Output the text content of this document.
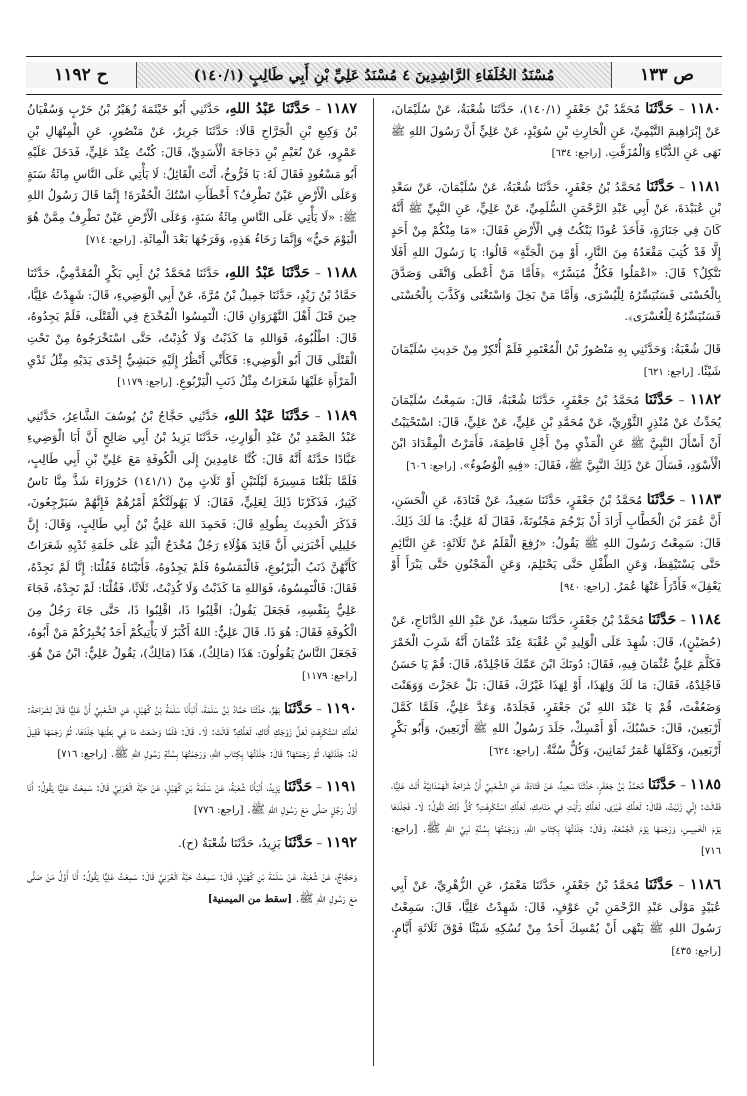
ص ١٣٣
مُسْنَدُ الخُلَفَاءِ الرَّاشِدِينَ ٤ مُسْنَدُ عَلِيِّ بْنِ أَبِي طَالِبٍ (١٤٠/١)
ح ١١٩٢

١١٨٠ – حَدَّثَنَا مُحَمَّدُ بْنُ جَعْفَرٍ (١٤٠/١)، حَدَّثَنَا شُعْبَةُ، عَنْ سُلَيْمَانَ، عَنْ إِبْرَاهِيمَ التَّيْمِيِّ، عَنِ الْحَارِثِ بْنِ سُوَيْدٍ، عَنْ عَلِيٍّ أَنَّ رَسُولَ اللهِ ﷺ نَهَى عَنِ الدُّبَّاءِ وَالْمُزَفَّتِ. [راجع: ٦٣٤]

١١٨١ – حَدَّثَنَا مُحَمَّدُ بْنُ جَعْفَرٍ، حَدَّثَنَا شُعْبَةُ، عَنْ سُلَيْمَانَ، عَنْ سَعْدِ بْنِ عُبَيْدَةَ، عَنْ أَبِي عَبْدِ الرَّحْمَنِ السُّلَمِيِّ، عَنْ عَلِيٍّ، عَنِ النَّبِيِّ ﷺ أَنَّهُ كَانَ فِي جَنَازَةٍ، فَأَخَذَ عُودًا يَنْكُتُ فِي الْأَرْضِ فَقَالَ: «مَا مِنْكُمْ مِنْ أَحَدٍ إِلَّا قَدْ كُتِبَ مَقْعَدُهُ مِنَ النَّارِ، أَوْ مِنَ الْجَنَّةِ» قَالُوا: يَا رَسُولَ اللهِ أَفَلَا نَتَّكِلُ؟ قَالَ: «اعْمَلُوا فَكُلٌّ مُيَسَّرٌ» ﴿فَأَمَّا مَنْ أَعْطَى وَاتَّقَى وَصَدَّقَ بِالْحُسْنَى فَسَنُيَسِّرُهُ لِلْيُسْرَى، وَأَمَّا مَنْ بَخِلَ وَاسْتَغْنَى وَكَذَّبَ بِالْحُسْنَى فَسَنُيَسِّرُهُ لِلْعُسْرَى﴾.

قَالَ شُعْبَةُ: وَحَدَّثَنِي بِهِ مَنْصُورُ بْنُ الْمُعْتَمِرِ فَلَمْ أُنْكِرْ مِنْ حَدِيثِ سُلَيْمَانَ شَيْئًا. [راجع: ٦٢١]

١١٨٢ – حَدَّثَنَا مُحَمَّدُ بْنُ جَعْفَرٍ، حَدَّثَنَا شُعْبَةُ، قَالَ: سَمِعْتُ سُلَيْمَانَ يُحَدِّثُ عَنْ مُنْذِرٍ الثَّوْرِيِّ، عَنْ مُحَمَّدِ بْنِ عَلِيٍّ، عَنْ عَلِيٍّ، قَالَ: اسْتَحْيَيْتُ أَنْ أَسْأَلَ النَّبِيَّ ﷺ عَنِ الْمَذْيِ مِنْ أَجْلِ فَاطِمَةَ، فَأَمَرْتُ الْمِقْدَادَ ابْنَ الْأَسْوَدِ، فَسَأَلَ عَنْ ذَلِكَ النَّبِيَّ ﷺ، فَقَالَ: «فِيهِ الْوُضُوءُ». [راجع: ٦٠٦]

١١٨٣ – حَدَّثَنَا مُحَمَّدُ بْنُ جَعْفَرٍ، حَدَّثَنَا سَعِيدٌ، عَنْ قَتَادَةَ، عَنِ الْحَسَنِ، أَنَّ عُمَرَ بْنَ الْخَطَّابِ أَرَادَ أَنْ يَرْجُمَ مَجْنُونَةً، فَقَالَ لَهُ عَلِيٌّ: مَا لَكَ ذَلِكَ. قَالَ: سَمِعْتُ رَسُولَ اللهِ ﷺ يَقُولُ: «رُفِعَ الْقَلَمُ عَنْ ثَلَاثَةٍ: عَنِ النَّائِمِ حَتَّى يَسْتَيْقِظَ، وَعَنِ الطِّفْلِ حَتَّى يَحْتَلِمَ، وَعَنِ الْمَجْنُونِ حَتَّى يَبْرَأَ أَوْ يَعْقِلَ» فَأَدْرَأَ عَنْهَا عُمَرُ. [راجع: ٩٤٠]

١١٨٤ – حَدَّثَنَا مُحَمَّدُ بْنُ جَعْفَرٍ، حَدَّثَنَا سَعِيدٌ، عَنْ عَبْدِ اللهِ الدَّانَاجِ، عَنْ (حُضَيْنٍ)، قَالَ: شُهِدَ عَلَى الْوَلِيدِ بْنِ عُقْبَةَ عِنْدَ عُثْمَانَ أَنَّهُ شَرِبَ الْخَمْرَ فَكَلَّمَ عَلِيٌّ عُثْمَانَ فِيهِ، فَقَالَ: دُونَكَ ابْنَ عَمِّكَ فَاجْلِدْهُ، قَالَ: قُمْ يَا حَسَنُ فَاجْلِدْهُ، فَقَالَ: مَا لَكَ وَلِهَذَا، أَوْ لِهَذَا غَيْرُكَ، فَقَالَ: بَلْ عَجَزْتَ وَوَهَنْتَ وَضَعُفْتَ، قُمْ يَا عَبْدَ اللهِ بْنَ جَعْفَرٍ، فَجَلَدَهُ، وَعَدَّ عَلِيٌّ، فَلَمَّا كَمَّلَ أَرْبَعِينَ، قَالَ: حَسْبُكَ، أَوْ أَمْسِكْ، جَلَدَ رَسُولُ اللهِ ﷺ أَرْبَعِينَ، وَأَبُو بَكْرٍ أَرْبَعِينَ، وَكَمَّلَهَا عُمَرُ ثَمَانِينَ، وَكُلٌّ سُنَّةٌ. [راجع: ٦٢٤]

١١٨٥ – حَدَّثَنَا مُحَمَّدُ بْنُ جَعْفَرٍ، حَدَّثَنَا سَعِيدٌ، عَنْ قَتَادَةَ، عَنِ الشَّعْبِيِّ أَنَّ شَرَاحَةَ الْهَمْدَانِيَّةَ أَتَتْ عَلِيًّا، فَقَالَتْ: إِنِّي زَنَيْتُ، فَقَالَ: لَعَلَّكِ غَيْرَى، لَعَلَّكِ رَأَيْتِ فِي مَنَامِكِ، لَعَلَّكِ اسْتُكْرِهْتِ؟ كُلُّ ذَلِكَ تَقُولُ: لَا. فَجَلَدَهَا يَوْمَ الْخَمِيسِ، وَرَجَمَهَا يَوْمَ الْجُمُعَةِ، وَقَالَ: جَلَدْتُهَا بِكِتَابِ اللهِ، وَرَجَمْتُهَا بِسُنَّةِ نَبِيِّ اللهِ ﷺ. [راجع: ٧١٦]

١١٨٦ – حَدَّثَنَا مُحَمَّدُ بْنُ جَعْفَرٍ، حَدَّثَنَا مَعْمَرٌ، عَنِ الزُّهْرِيِّ، عَنْ أَبِي عُبَيْدٍ مَوْلَى عَبْدِ الرَّحْمَنِ بْنِ عَوْفٍ، قَالَ: شَهِدْتُ عَلِيًّا، قَالَ: سَمِعْتُ رَسُولَ اللهِ ﷺ يَنْهَى أَنْ يُمْسِكَ أَحَدٌ مِنْ نُسُكِهِ شَيْئًا فَوْقَ ثَلَاثَةِ أَيَّامٍ. [راجع: ٤٣٥]

١١٨٧ – حَدَّثَنَا عَبْدُ اللهِ، حَدَّثَنِي أَبُو خَيْثَمَةَ زُهَيْرُ بْنُ حَرْبٍ وَسُفْيَانُ بْنُ وَكِيعِ بْنِ الْجَرَّاحِ قَالَا: حَدَّثَنَا جَرِيرٌ، عَنْ مَنْصُورٍ، عَنِ الْمِنْهَالِ بْنِ عَمْرٍو، عَنْ نُعَيْمِ بْنِ دَجَاجَةَ الْأَسَدِيِّ، قَالَ: كُنْتُ عِنْدَ عَلِيٍّ، فَدَخَلَ عَلَيْهِ أَبُو مَسْعُودٍ فَقَالَ لَهُ: يَا فَرُّوخُ، أَنْتَ الْقَائِلُ: لَا يَأْتِي عَلَى النَّاسِ مِائَةُ سَنَةٍ وَعَلَى الْأَرْضِ عَيْنٌ تَطْرِفُ؟ أَخْطَأَتِ اسْتُكَ الْحُفْرَةَ! إِنَّمَا قَالَ رَسُولُ اللهِ ﷺ: «لَا يَأْتِي عَلَى النَّاسِ مِائَةُ سَنَةٍ، وَعَلَى الْأَرْضِ عَيْنٌ تَطْرِفُ مِمَّنْ هُوَ الْيَوْمَ حَيٌّ» وَإِنَّمَا رَخَاءُ هَذِهِ، وَفَرَجُهَا بَعْدَ الْمِائَةِ. [راجع: ٧١٤]

١١٨٨ – حَدَّثَنَا عَبْدُ اللهِ، حَدَّثَنَا مُحَمَّدُ بْنُ أَبِي بَكْرٍ الْمُقَدَّمِيُّ، حَدَّثَنَا حَمَّادُ بْنُ زَيْدٍ، حَدَّثَنَا جَمِيلُ بْنُ مُرَّةَ، عَنْ أَبِي الْوَضِيءِ، قَالَ: شَهِدْتُ عَلِيًّا، حِينَ قَتَلَ أَهْلَ النَّهْرَوَانِ قَالَ: الْتَمِسُوا الْمُخْدَجَ فِي الْقَتْلَى، فَلَمْ يَجِدُوهُ، قَالَ: اطْلُبُوهُ، فَوَاللهِ مَا كَذَبْتُ وَلَا كُذِبْتُ، حَتَّى اسْتَخْرَجُوهُ مِنْ تَحْتِ الْقَتْلَى قَالَ أَبُو الْوَضِيءِ: فَكَأَنِّي أَنْظُرُ إِلَيْهِ حَبَشِيٌّ إِحْدَى يَدَيْهِ مِثْلُ ثَدْيِ الْمَرْأَةِ عَلَيْهَا شَعَرَاتٌ مِثْلُ ذَنَبِ الْيَرْبُوعِ. [راجع: ١١٧٩]

١١٨٩ – حَدَّثَنَا عَبْدُ اللهِ، حَدَّثَنِي حَجَّاجُ بْنُ يُوسُفَ الشَّاعِرُ، حَدَّثَنِي عَبْدُ الصَّمَدِ بْنُ عَبْدِ الْوَارِثِ، حَدَّثَنَا يَزِيدُ بْنُ أَبِي صَالِحٍ أَنَّ أَبَا الْوَضِيءِ عَبَّادًا حَدَّثَهُ أَنَّهُ قَالَ: كُنَّا عَامِدِينَ إِلَى الْكُوفَةِ مَعَ عَلِيِّ بْنِ أَبِي طَالِبٍ، فَلَمَّا بَلَغْنَا مَسِيرَةَ لَيْلَتَيْنِ أَوْ ثَلَاثٍ مِنْ (١٤١/١) حَرُورَاءَ شَذَّ مِنَّا نَاسٌ كَثِيرٌ، فَذَكَرْنَا ذَلِكَ لِعَلِيٍّ، فَقَالَ: لَا يَهُولَنَّكُمْ أَمْرُهُمْ فَإِنَّهُمْ سَيَرْجِعُونَ، فَذَكَرَ الْحَدِيثَ بِطُولِهِ قَالَ: فَحَمِدَ اللهَ عَلِيُّ بْنُ أَبِي طَالِبٍ، وَقَالَ: إِنَّ خَلِيلِي أَخْبَرَنِي أَنَّ قَائِدَ هَؤُلَاءِ رَجُلٌ مُخْدَجُ الْيَدِ عَلَى حَلَمَةِ ثَدْيِهِ شَعَرَاتٌ كَأَنَّهُنَّ ذَنَبُ الْيَرْبُوعِ، فَالْتَمَسُوهُ فَلَمْ يَجِدُوهُ، فَأَتَيْنَاهُ فَقُلْنَا: إِنَّا لَمْ نَجِدْهُ، فَقَالَ: فَالْتَمِسُوهُ، فَوَاللهِ مَا كَذَبْتُ وَلَا كُذِبْتُ، ثَلَاثًا، فَقُلْنَا: لَمْ نَجِدْهُ، فَجَاءَ عَلِيٌّ بِنَفْسِهِ، فَجَعَلَ يَقُولُ: اقْلِبُوا ذَا، اقْلِبُوا ذَا، حَتَّى جَاءَ رَجُلٌ مِنَ الْكُوفَةِ فَقَالَ: هُوَ ذَا. قَالَ عَلِيٌّ: اللهُ أَكْبَرُ لَا يَأْتِيكُمْ أَحَدٌ يُخْبِرُكُمْ مَنْ أَبُوهُ، فَجَعَلَ النَّاسُ يَقُولُونَ: هَذَا (مَالِكٌ)، هَذَا (مَالِكٌ)، يَقُولُ عَلِيٌّ: ابْنُ مَنْ هُوَ. [راجع: ١١٧٩]

١١٩٠ – حَدَّثَنَا بَهْزٌ، حَدَّثَنَا حَمَّادُ بْنُ سَلَمَةَ، أَنْبَأَنَا سَلَمَةُ بْنُ كُهَيْلٍ، عَنِ الشَّعْبِيِّ أَنَّ عَلِيًّا قَالَ لِشَرَاحَةَ: لَعَلَّكِ اسْتُكْرِهْتِ لَعَلَّ زَوْجَكِ أَتَاكِ، لَعَلَّكِ؟ قَالَتْ: لَا. قَالَ: فَلَمَّا وَضَعَتْ مَا فِي بَطْنِهَا جَلَدَهَا، ثُمَّ رَجَمَهَا فَقِيلَ لَهُ: جَلَدْتَهَا، ثُمَّ رَجَمْتَهَا؟ قَالَ: جَلَدْتُهَا بِكِتَابِ اللهِ، وَرَجَمْتُهَا بِسُنَّةِ رَسُولِ اللهِ ﷺ. [راجع: ٧١٦]

١١٩١ – حَدَّثَنَا يَزِيدُ، أَنْبَأَنَا شُعْبَةُ، عَنْ سَلَمَةَ بْنِ كُهَيْلٍ، عَنْ حَبَّةَ الْعُرَنِيِّ قَالَ: سَمِعْتُ عَلِيًّا يَقُولُ: أَنَا أَوَّلُ رَجُلٍ صَلَّى مَعَ رَسُولِ اللهِ ﷺ. [راجع: ٧٧٦]

١١٩٢ – حَدَّثَنَا يَزِيدُ، حَدَّثَنَا شُعْبَةُ (ح).

وَحَجَّاجٌ، عَنْ شُعْبَةَ، عَنْ سَلَمَةَ بْنِ كُهَيْلٍ، قَالَ: سَمِعْتُ حَبَّةَ الْعُرَنِيَّ قَالَ: سَمِعْتُ عَلِيًّا يَقُولُ: أَنَا أَوَّلُ مَنْ صَلَّى مَعَ رَسُولِ اللهِ ﷺ. [سقط من الميمنية]
